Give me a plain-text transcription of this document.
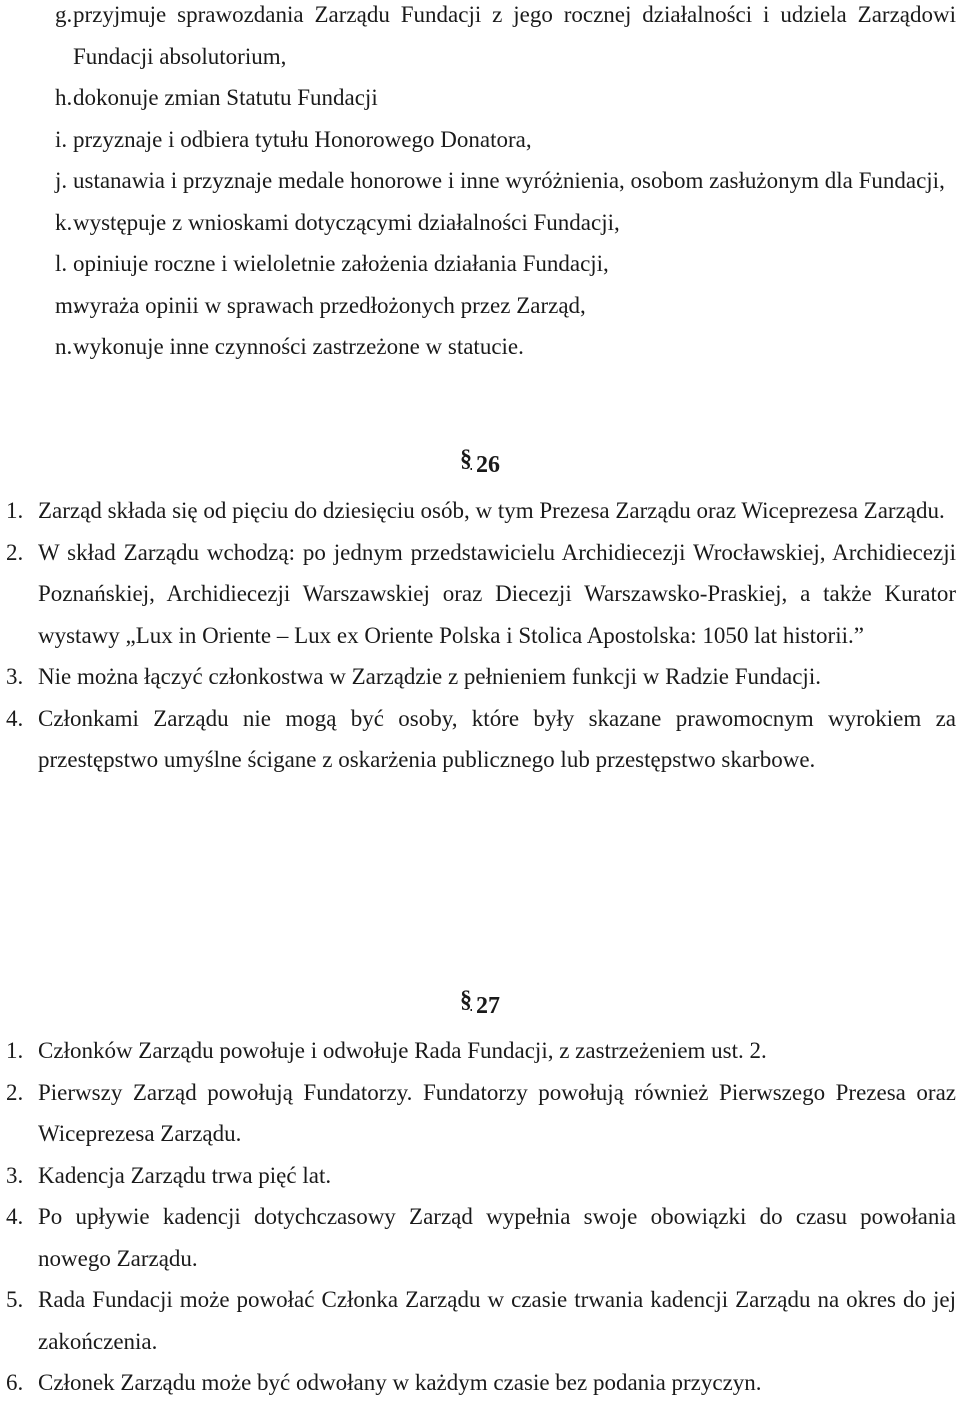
g. przyjmuje sprawozdania Zarządu Fundacji z jego rocznej działalności i udziela Zarządowi Fundacji absolutorium,
h. dokonuje zmian Statutu Fundacji
i. przyznaje i odbiera tytułu Honorowego Donatora,
j. ustanawia i przyznaje medale honorowe i inne wyróżnienia, osobom zasłużonym dla Fundacji,
k. występuje z wnioskami dotyczącymi działalności Fundacji,
l. opiniuje roczne i wieloletnie założenia działania Fundacji,
m.
wyraża opinii w sprawach przedłożonych przez Zarząd,
n. wykonuje inne czynności zastrzeżone w statucie.
§ 26
1. Zarząd składa się od pięciu do dziesięciu osób, w tym Prezesa Zarządu oraz Wiceprezesa Zarządu.
2. W skład Zarządu wchodzą: po jednym przedstawicielu Archidiecezji Wrocławskiej, Archidiecezji Poznańskiej, Archidiecezji Warszawskiej oraz Diecezji Warszawsko-Praskiej, a także Kurator wystawy „Lux in Oriente – Lux ex Oriente Polska i Stolica Apostolska: 1050 lat historii.”
3. Nie można łączyć członkostwa w Zarządzie z pełnieniem funkcji w Radzie Fundacji.
4. Członkami Zarządu nie mogą być osoby, które były skazane prawomocnym wyrokiem za przestępstwo umyślne ścigane z oskarżenia publicznego lub przestępstwo skarbowe.
§ 27
1. Członków Zarządu powołuje i odwołuje Rada Fundacji, z zastrzeżeniem ust. 2.
2. Pierwszy Zarząd powołują Fundatorzy. Fundatorzy powołują również Pierwszego Prezesa oraz Wiceprezesa Zarządu.
3. Kadencja Zarządu trwa pięć lat.
4. Po upływie kadencji dotychczasowy Zarząd wypełnia swoje obowiązki do czasu powołania nowego Zarządu.
5. Rada Fundacji może powołać Członka Zarządu w czasie trwania kadencji Zarządu na okres do jej zakończenia.
6. Członek Zarządu może być odwołany w każdym czasie bez podania przyczyn.
